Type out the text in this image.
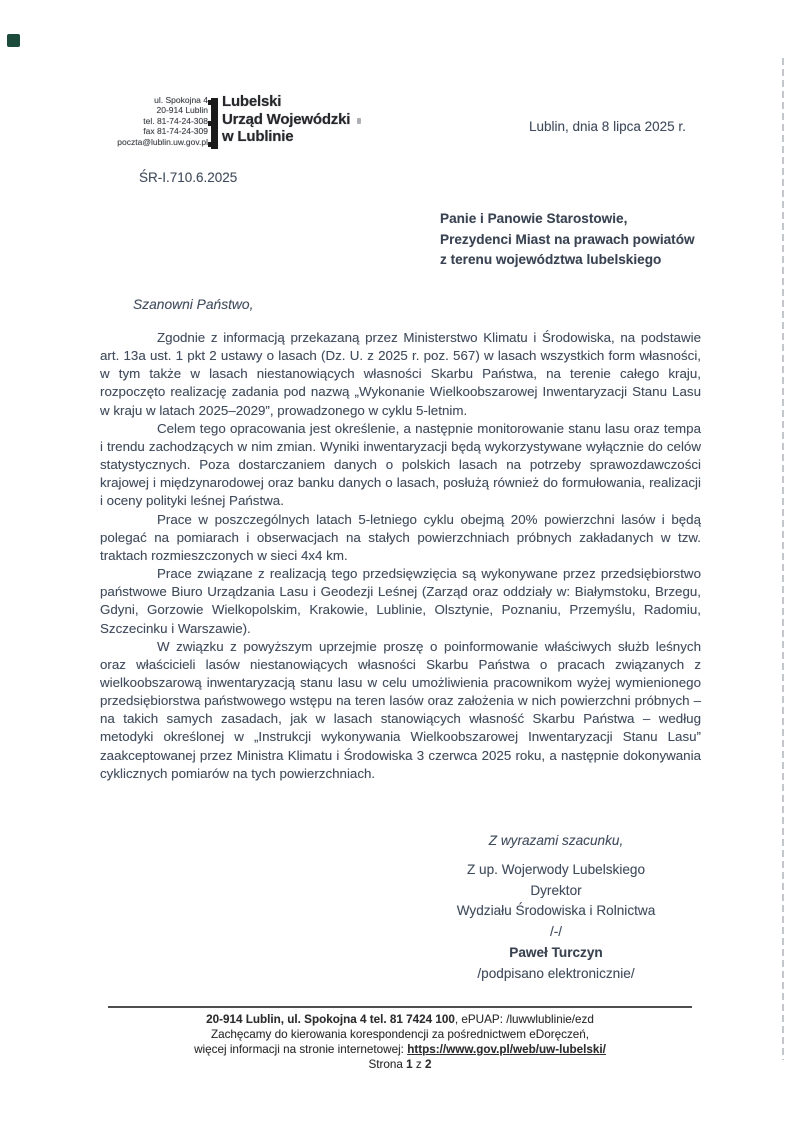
ul. Spokojna 4
20-914 Lublin
tel. 81-74-24-308
fax 81-74-24-309
poczta@lublin.uw.gov.pl
Lubelski
Urząd Wojewódzki
w Lublinie
Lublin, dnia 8 lipca 2025 r.
ŚR-I.710.6.2025
Panie i Panowie Starostowie,
Prezydenci Miast na prawach powiatów
z terenu województwa lubelskiego
Szanowni Państwo,

Zgodnie z informacją przekazaną przez Ministerstwo Klimatu i Środowiska, na podstawie art. 13a ust. 1 pkt 2 ustawy o lasach (Dz. U. z 2025 r. poz. 567) w lasach wszystkich form własności, w tym także w lasach niestanowiących własności Skarbu Państwa, na terenie całego kraju, rozpoczęto realizację zadania pod nazwą „Wykonanie Wielkoobszarowej Inwentaryzacji Stanu Lasu w kraju w latach 2025–2029”, prowadzonego w cyklu 5-letnim.

Celem tego opracowania jest określenie, a następnie monitorowanie stanu lasu oraz tempa i trendu zachodzących w nim zmian. Wyniki inwentaryzacji będą wykorzystywane wyłącznie do celów statystycznych. Poza dostarczaniem danych o polskich lasach na potrzeby sprawozdawczości krajowej i międzynarodowej oraz banku danych o lasach, posłużą również do formułowania, realizacji i oceny polityki leśnej Państwa.

Prace w poszczególnych latach 5-letniego cyklu obejmą 20% powierzchni lasów i będą polegać na pomiarach i obserwacjach na stałych powierzchniach próbnych zakładanych w tzw. traktach rozmieszczonych w sieci 4x4 km.

Prace związane z realizacją tego przedsięwzięcia są wykonywane przez przedsiębiorstwo państwowe Biuro Urządzania Lasu i Geodezji Leśnej (Zarząd oraz oddziały w: Białymstoku, Brzegu, Gdyni, Gorzowie Wielkopolskim, Krakowie, Lublinie, Olsztynie, Poznaniu, Przemyślu, Radomiu, Szczecinku i Warszawie).

W związku z powyższym uprzejmie proszę o poinformowanie właściwych służb leśnych oraz właścicieli lasów niestanowiących własności Skarbu Państwa o pracach związanych z wielkoobszarową inwentaryzacją stanu lasu w celu umożliwienia pracownikom wyżej wymienionego przedsiębiorstwa państwowego wstępu na teren lasów oraz założenia w nich powierzchni próbnych – na takich samych zasadach, jak w lasach stanowiących własność Skarbu Państwa – według metodyki określonej w „Instrukcji wykonywania Wielkoobszarowej Inwentaryzacji Stanu Lasu” zaakceptowanej przez Ministra Klimatu i Środowiska 3 czerwca 2025 roku, a następnie dokonywania cyklicznych pomiarów na tych powierzchniach.

Z wyrazami szacunku,
Z up. Wojerwody Lubelskiego
Dyrektor
Wydziału Środowiska i Rolnictwa
/-/
Paweł Turczyn
/podpisano elektronicznie/
20-914 Lublin, ul. Spokojna 4 tel. 81 7424 100, ePUAP: /luwwlublinie/ezd
Zachęcamy do kierowania korespondencji za pośrednictwem eDoręczeń,
więcej informacji na stronie internetowej: https://www.gov.pl/web/uw-lubelski/
Strona 1 z 2
